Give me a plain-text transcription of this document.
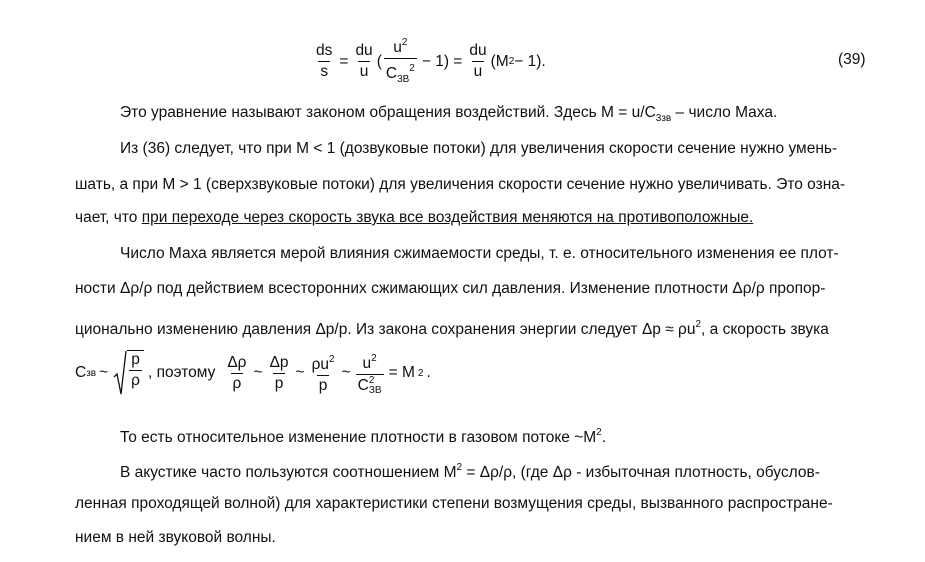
$\frac{ds}{s} = \frac{du}{u}$ ( $\frac{u^2}{C_{3В}^2} - 1) = \frac{du}{u} (M$ 2 − 1).	(39)
Это уравнение называют законом обращения воздействий. Здесь $М = u/C_{3зв}$ – число Маха.
Из (36) следует, что при М < 1 (дозвуковые потоки) для увеличения скорости сечение нужно умень-
шать, а при М > 1 (сверхзвуковые потоки) для увеличения скорости сечение нужно увеличивать. Это озна-
чает, что при переходе через скорость звука все воздействия меняются на противоположные.
Число Маха является мерой влияния сжимаемости среды, т. е. относительного изменения ее плот-
ности Δρ/ρ под действием всесторонних сжимающих сил давления. Изменение плотности Δρ/ρ пропор-
ционально изменению давления Δp/p. Из закона сохранения энергии следует $\Delta p \approx \rho u^2$, а скорость звука
C зв ~ $\frac{p}{\rho}$ , поэтому $\frac{\Delta\rho}{\rho}$ ~ $\frac{\Delta p}{p}$ ~ $\frac{\rho u^2}{p}$ ~ $u^2$
C 2
ЗВ = M 2 .
То есть относительное изменение плотности в газовом потоке $\sim M^2$.
В акустике часто пользуются соотношением $M^2 = \Delta\rho/\rho$, (где Δρ - избыточная плотность, обуслов-
ленная проходящей волной) для характеристики степени возмущения среды, вызванного распростране-
нием в ней звуковой волны.
